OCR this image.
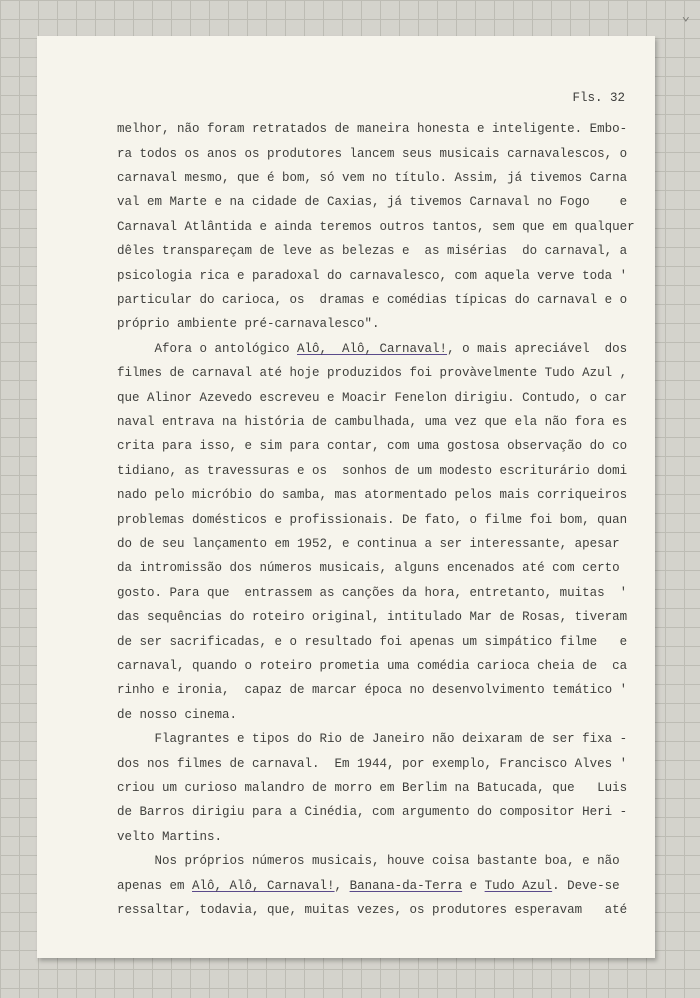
⌄

Fls. 32

melhor, não foram retratados de maneira honesta e inteligente. Embo-
ra todos os anos os produtores lancem seus musicais carnavalescos, o
carnaval mesmo, que é bom, só vem no título. Assim, já tivemos Carna
val em Marte e na cidade de Caxias, já tivemos Carnaval no Fogo    e
Carnaval Atlântida e ainda teremos outros tantos, sem que em qualquer
dêles transpareçam de leve as belezas e  as misérias  do carnaval, a
psicologia rica e paradoxal do carnavalesco, com aquela verve toda '
particular do carioca, os  dramas e comédias típicas do carnaval e o
próprio ambiente pré-carnavalesco".
Afora o antológico Alô,  Alô, Carnaval!, o mais apreciável  dos
filmes de carnaval até hoje produzidos foi provàvelmente Tudo Azul ,
que Alinor Azevedo escreveu e Moacir Fenelon dirigiu. Contudo, o car
naval entrava na história de cambulhada, uma vez que ela não fora es
crita para isso, e sim para contar, com uma gostosa observação do co
tidiano, as travessuras e os  sonhos de um modesto escriturário domi
nado pelo micróbio do samba, mas atormentado pelos mais corriqueiros
problemas domésticos e profissionais. De fato, o filme foi bom, quan
do de seu lançamento em 1952, e continua a ser interessante, apesar
da intromissão dos números musicais, alguns encenados até com certo
gosto. Para que  entrassem as canções da hora, entretanto, muitas  '
das sequências do roteiro original, intitulado Mar de Rosas, tiveram
de ser sacrificadas, e o resultado foi apenas um simpático filme   e
carnaval, quando o roteiro prometia uma comédia carioca cheia de  ca
rinho e ironia,  capaz de marcar época no desenvolvimento temático '
de nosso cinema.
Flagrantes e tipos do Rio de Janeiro não deixaram de ser fixa -
dos nos filmes de carnaval.  Em 1944, por exemplo, Francisco Alves '
criou um curioso malandro de morro em Berlim na Batucada, que   Luis
de Barros dirigiu para a Cinédia, com argumento do compositor Heri -
velto Martins.
Nos próprios números musicais, houve coisa bastante boa, e não
apenas em Alô, Alô, Carnaval!, Banana-da-Terra e Tudo Azul. Deve-se
ressaltar, todavia, que, muitas vezes, os produtores esperavam   até
